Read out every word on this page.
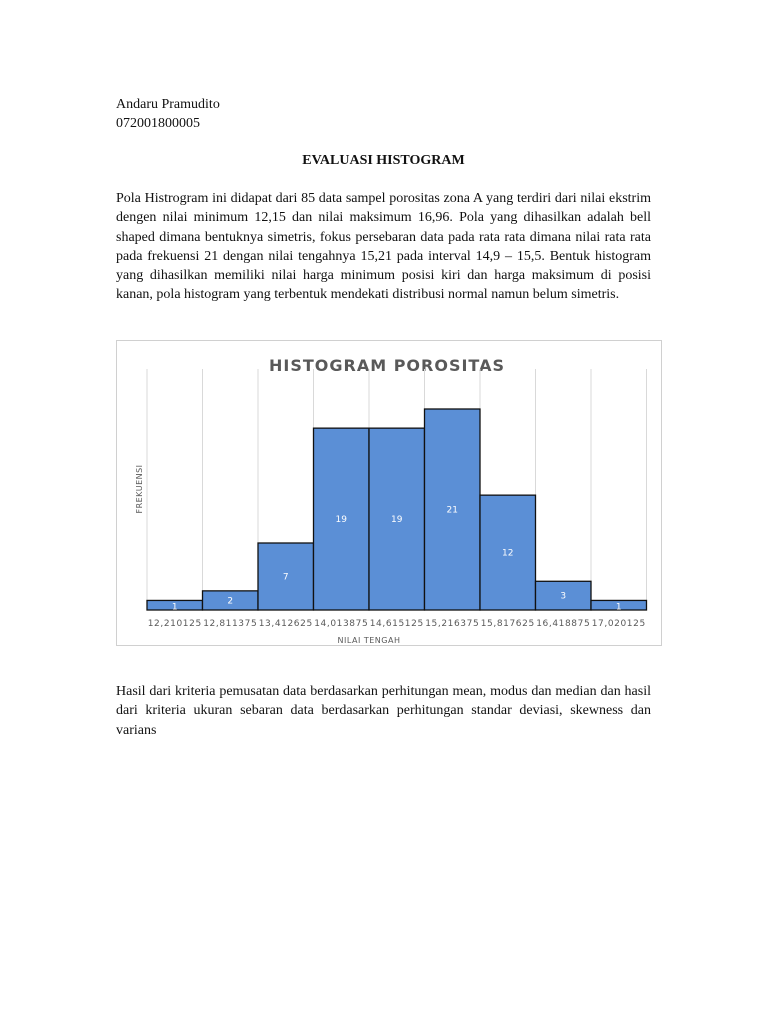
Andaru Pramudito
072001800005
EVALUASI HISTOGRAM

Pola Histrogram ini didapat dari 85 data sampel porositas zona A yang terdiri dari nilai ekstrim dengen nilai minimum 12,15 dan nilai maksimum 16,96. Pola yang dihasilkan adalah bell shaped dimana bentuknya simetris, fokus persebaran data pada rata rata dimana nilai rata rata pada frekuensi 21 dengan nilai tengahnya 15,21 pada interval 14,9 – 15,5. Bentuk histogram yang dihasilkan memiliki nilai harga minimum posisi kiri dan harga maksimum di posisi kanan, pola histogram yang terbentuk mendekati distribusi normal namun belum simetris.

HISTOGRAM POROSITAS
1
2
7
19	19
21
12
3
1
12,210125 12,811375 13,412625 14,013875 14,615125 15,216375 15,817625 16,418875 17,020125
NILAI TENGAH
FREKUENSI

Hasil dari kriteria pemusatan data berdasarkan perhitungan mean, modus dan median dan hasil dari kriteria ukuran sebaran data berdasarkan perhitungan standar deviasi, skewness dan varians
